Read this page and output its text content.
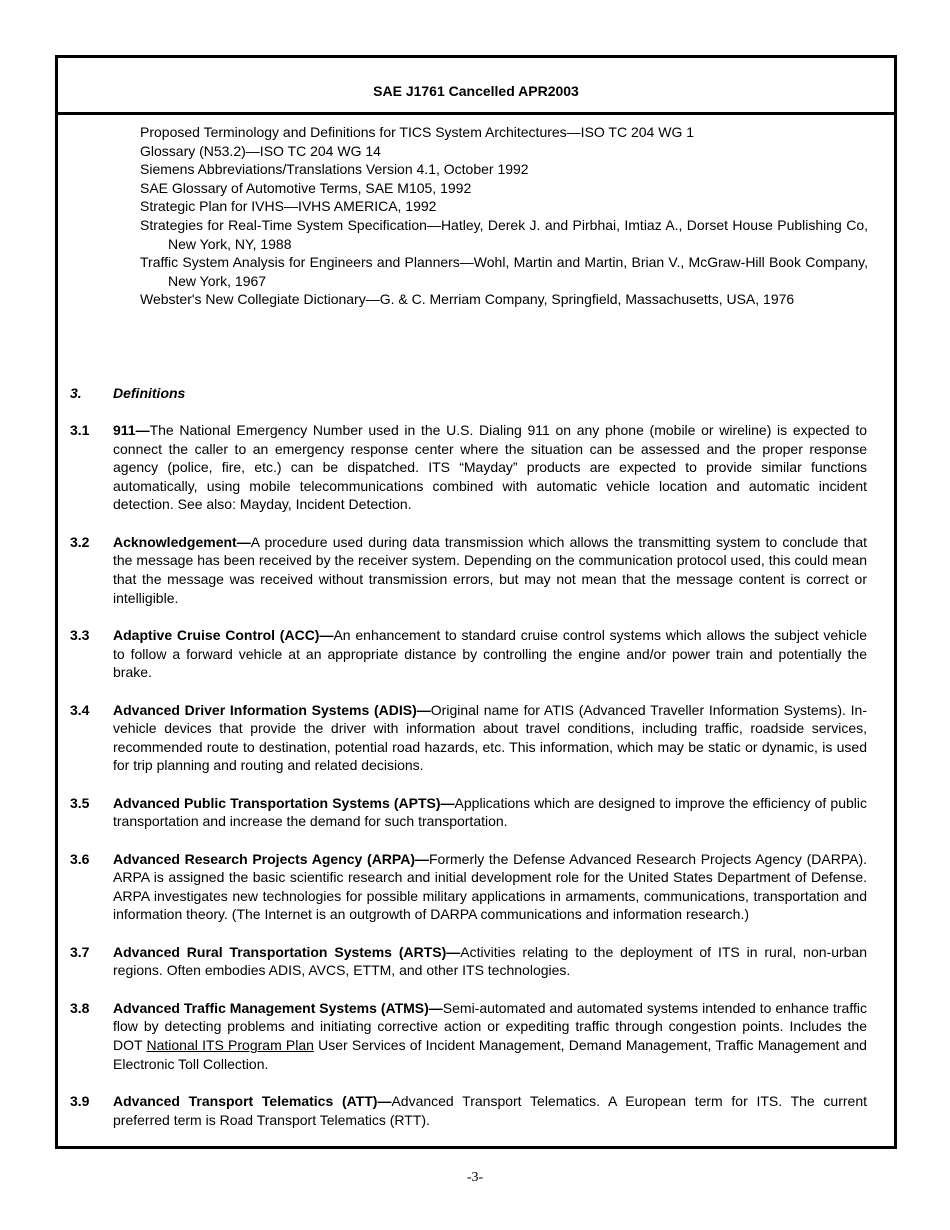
SAE J1761 Cancelled APR2003
Proposed Terminology and Definitions for TICS System Architectures—ISO TC 204 WG 1
Glossary (N53.2)—ISO TC 204 WG 14
Siemens Abbreviations/Translations Version 4.1, October 1992
SAE Glossary of Automotive Terms, SAE M105, 1992
Strategic Plan for IVHS—IVHS AMERICA, 1992
Strategies for Real-Time System Specification—Hatley, Derek J. and Pirbhai, Imtiaz A., Dorset House Publishing Co, New York, NY, 1988
Traffic System Analysis for Engineers and Planners—Wohl, Martin and Martin, Brian V., McGraw-Hill Book Company, New York, 1967
Webster's New Collegiate Dictionary—G. & C. Merriam Company, Springfield, Massachusetts, USA, 1976
3. Definitions
3.1 911—The National Emergency Number used in the U.S. Dialing 911 on any phone (mobile or wireline) is expected to connect the caller to an emergency response center where the situation can be assessed and the proper response agency (police, fire, etc.) can be dispatched. ITS “Mayday” products are expected to provide similar functions automatically, using mobile telecommunications combined with automatic vehicle location and automatic incident detection. See also: Mayday, Incident Detection.
3.2 Acknowledgement—A procedure used during data transmission which allows the transmitting system to conclude that the message has been received by the receiver system. Depending on the communication protocol used, this could mean that the message was received without transmission errors, but may not mean that the message content is correct or intelligible.
3.3 Adaptive Cruise Control (ACC)—An enhancement to standard cruise control systems which allows the subject vehicle to follow a forward vehicle at an appropriate distance by controlling the engine and/or power train and potentially the brake.
3.4 Advanced Driver Information Systems (ADIS)—Original name for ATIS (Advanced Traveller Information Systems). In-vehicle devices that provide the driver with information about travel conditions, including traffic, roadside services, recommended route to destination, potential road hazards, etc. This information, which may be static or dynamic, is used for trip planning and routing and related decisions.
3.5 Advanced Public Transportation Systems (APTS)—Applications which are designed to improve the efficiency of public transportation and increase the demand for such transportation.
3.6 Advanced Research Projects Agency (ARPA)—Formerly the Defense Advanced Research Projects Agency (DARPA). ARPA is assigned the basic scientific research and initial development role for the United States Department of Defense. ARPA investigates new technologies for possible military applications in armaments, communications, transportation and information theory. (The Internet is an outgrowth of DARPA communications and information research.)
3.7 Advanced Rural Transportation Systems (ARTS)—Activities relating to the deployment of ITS in rural, non-urban regions. Often embodies ADIS, AVCS, ETTM, and other ITS technologies.
3.8 Advanced Traffic Management Systems (ATMS)—Semi-automated and automated systems intended to enhance traffic flow by detecting problems and initiating corrective action or expediting traffic through congestion points. Includes the DOT National ITS Program Plan User Services of Incident Management, Demand Management, Traffic Management and Electronic Toll Collection.
3.9 Advanced Transport Telematics (ATT)—Advanced Transport Telematics. A European term for ITS. The current preferred term is Road Transport Telematics (RTT).
-3-
